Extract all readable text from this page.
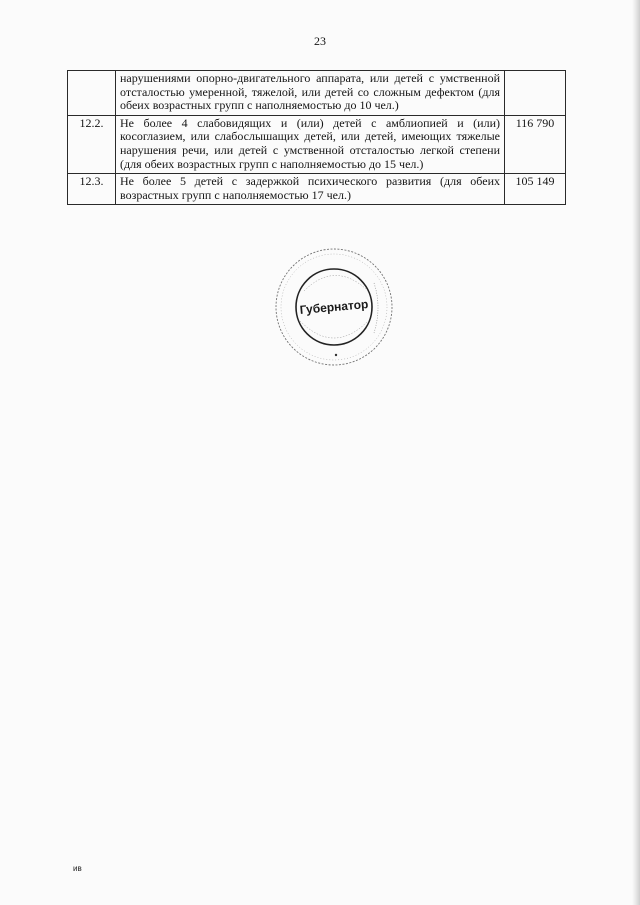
23
	нарушениями опорно-двигательного аппарата, или детей с умственной отсталостью умеренной, тяжелой, или детей со сложным дефектом (для обеих возрастных групп с наполняемостью до 10 чел.)	
12.2.	Не более 4 слабовидящих и (или) детей с амблиопией и (или) косоглазием, или слабослышащих детей, или детей, имеющих тяжелые нарушения речи, или детей с умственной отсталостью легкой степени (для обеих возрастных групп с наполняемостью до 15 чел.)	116 790
12.3.	Не более 5 детей с задержкой психического развития (для обеих возрастных групп с наполняемостью 17 чел.)	105 149
Губернатор
ив
